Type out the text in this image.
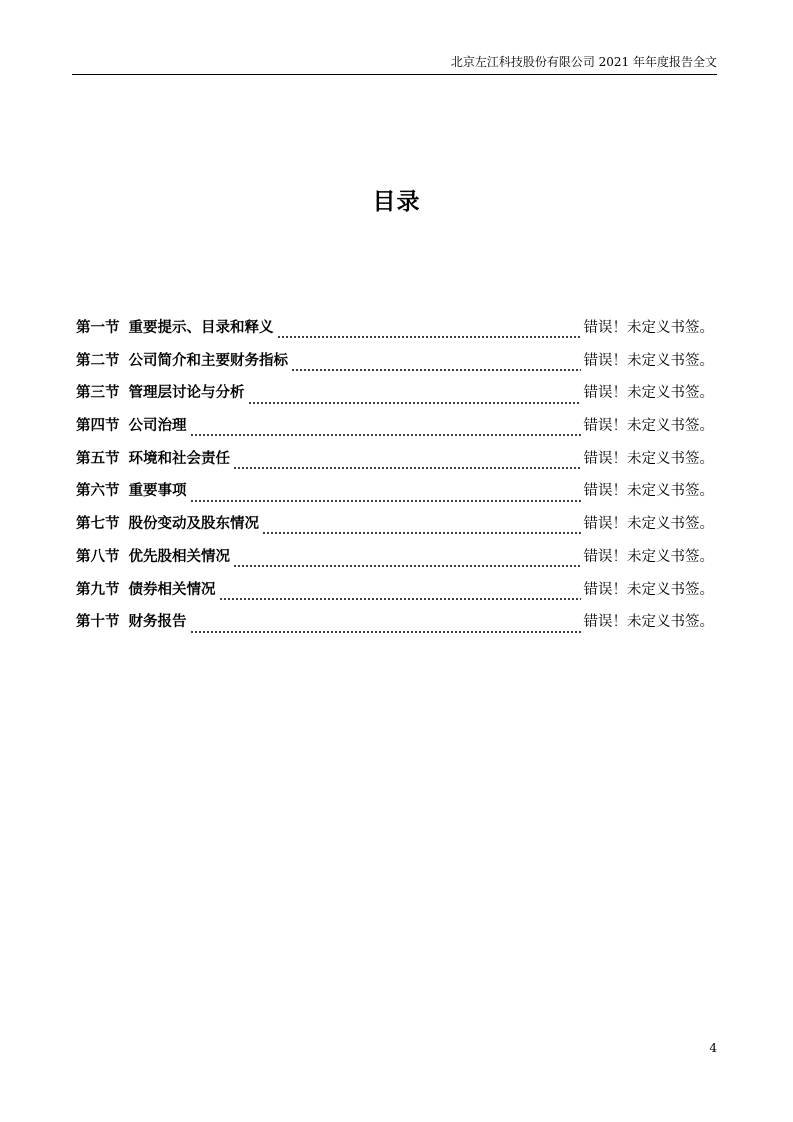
北京左江科技股份有限公司 2021 年年度报告全文
目录
第一节 重要提示、目录和释义	错误！未定义书签。
第二节 公司简介和主要财务指标	错误！未定义书签。
第三节 管理层讨论与分析	错误！未定义书签。
第四节 公司治理	错误！未定义书签。
第五节 环境和社会责任	错误！未定义书签。
第六节 重要事项	错误！未定义书签。
第七节 股份变动及股东情况	错误！未定义书签。
第八节 优先股相关情况	错误！未定义书签。
第九节 债券相关情况	错误！未定义书签。
第十节 财务报告	错误！未定义书签。
4
